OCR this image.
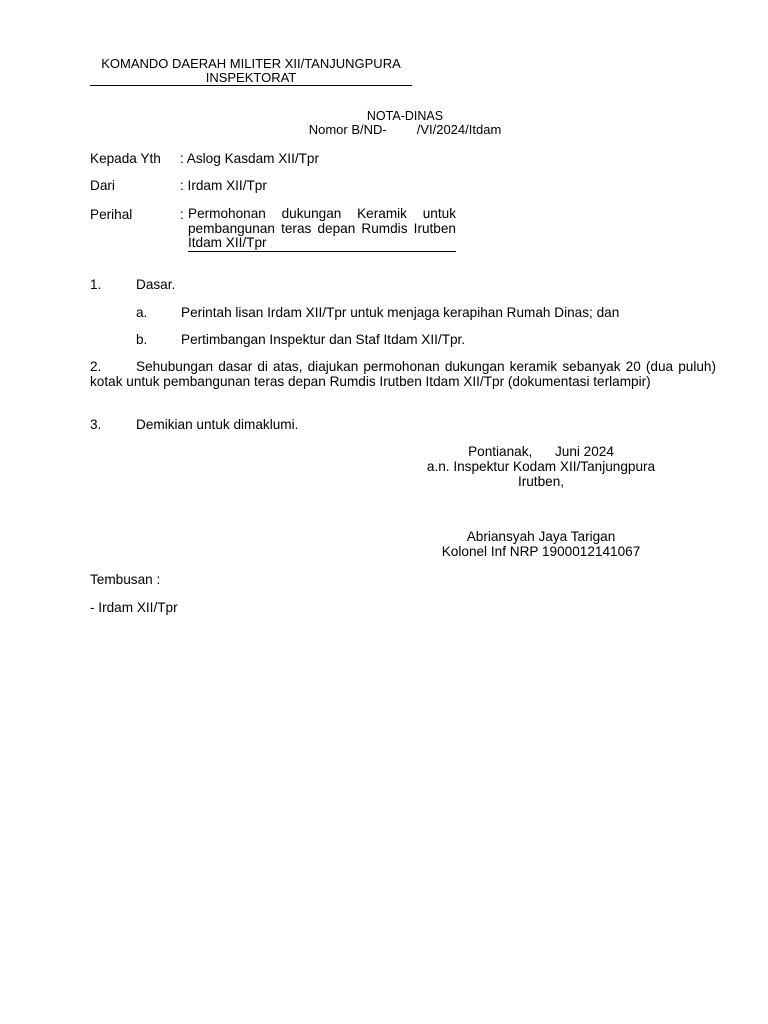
KOMANDO DAERAH MILITER XII/TANJUNGPURA
INSPEKTORAT
NOTA-DINAS
Nomor B/ND- /VI/2024/Itdam
Kepada Yth : Aslog Kasdam XII/Tpr
Dari	: Irdam XII/Tpr
Perihal	: Permohonan dukungan Keramik untuk pembangunan teras depan Rumdis Irutben Itdam XII/Tpr
1.	Dasar.
a. Perintah lisan Irdam XII/Tpr untuk menjaga kerapihan Rumah Dinas; dan
b. Pertimbangan Inspektur dan Staf Itdam XII/Tpr.
2.	Sehubungan dasar di atas, diajukan permohonan dukungan keramik sebanyak 20 (dua puluh) kotak untuk pembangunan teras depan Rumdis Irutben Itdam XII/Tpr (dokumentasi terlampir)
3.	Demikian untuk dimaklumi.
Pontianak,      Juni 2024
a.n. Inspektur Kodam XII/Tanjungpura
Irutben,
Abriansyah Jaya Tarigan
Kolonel Inf NRP 1900012141067
Tembusan :
- Irdam XII/Tpr
